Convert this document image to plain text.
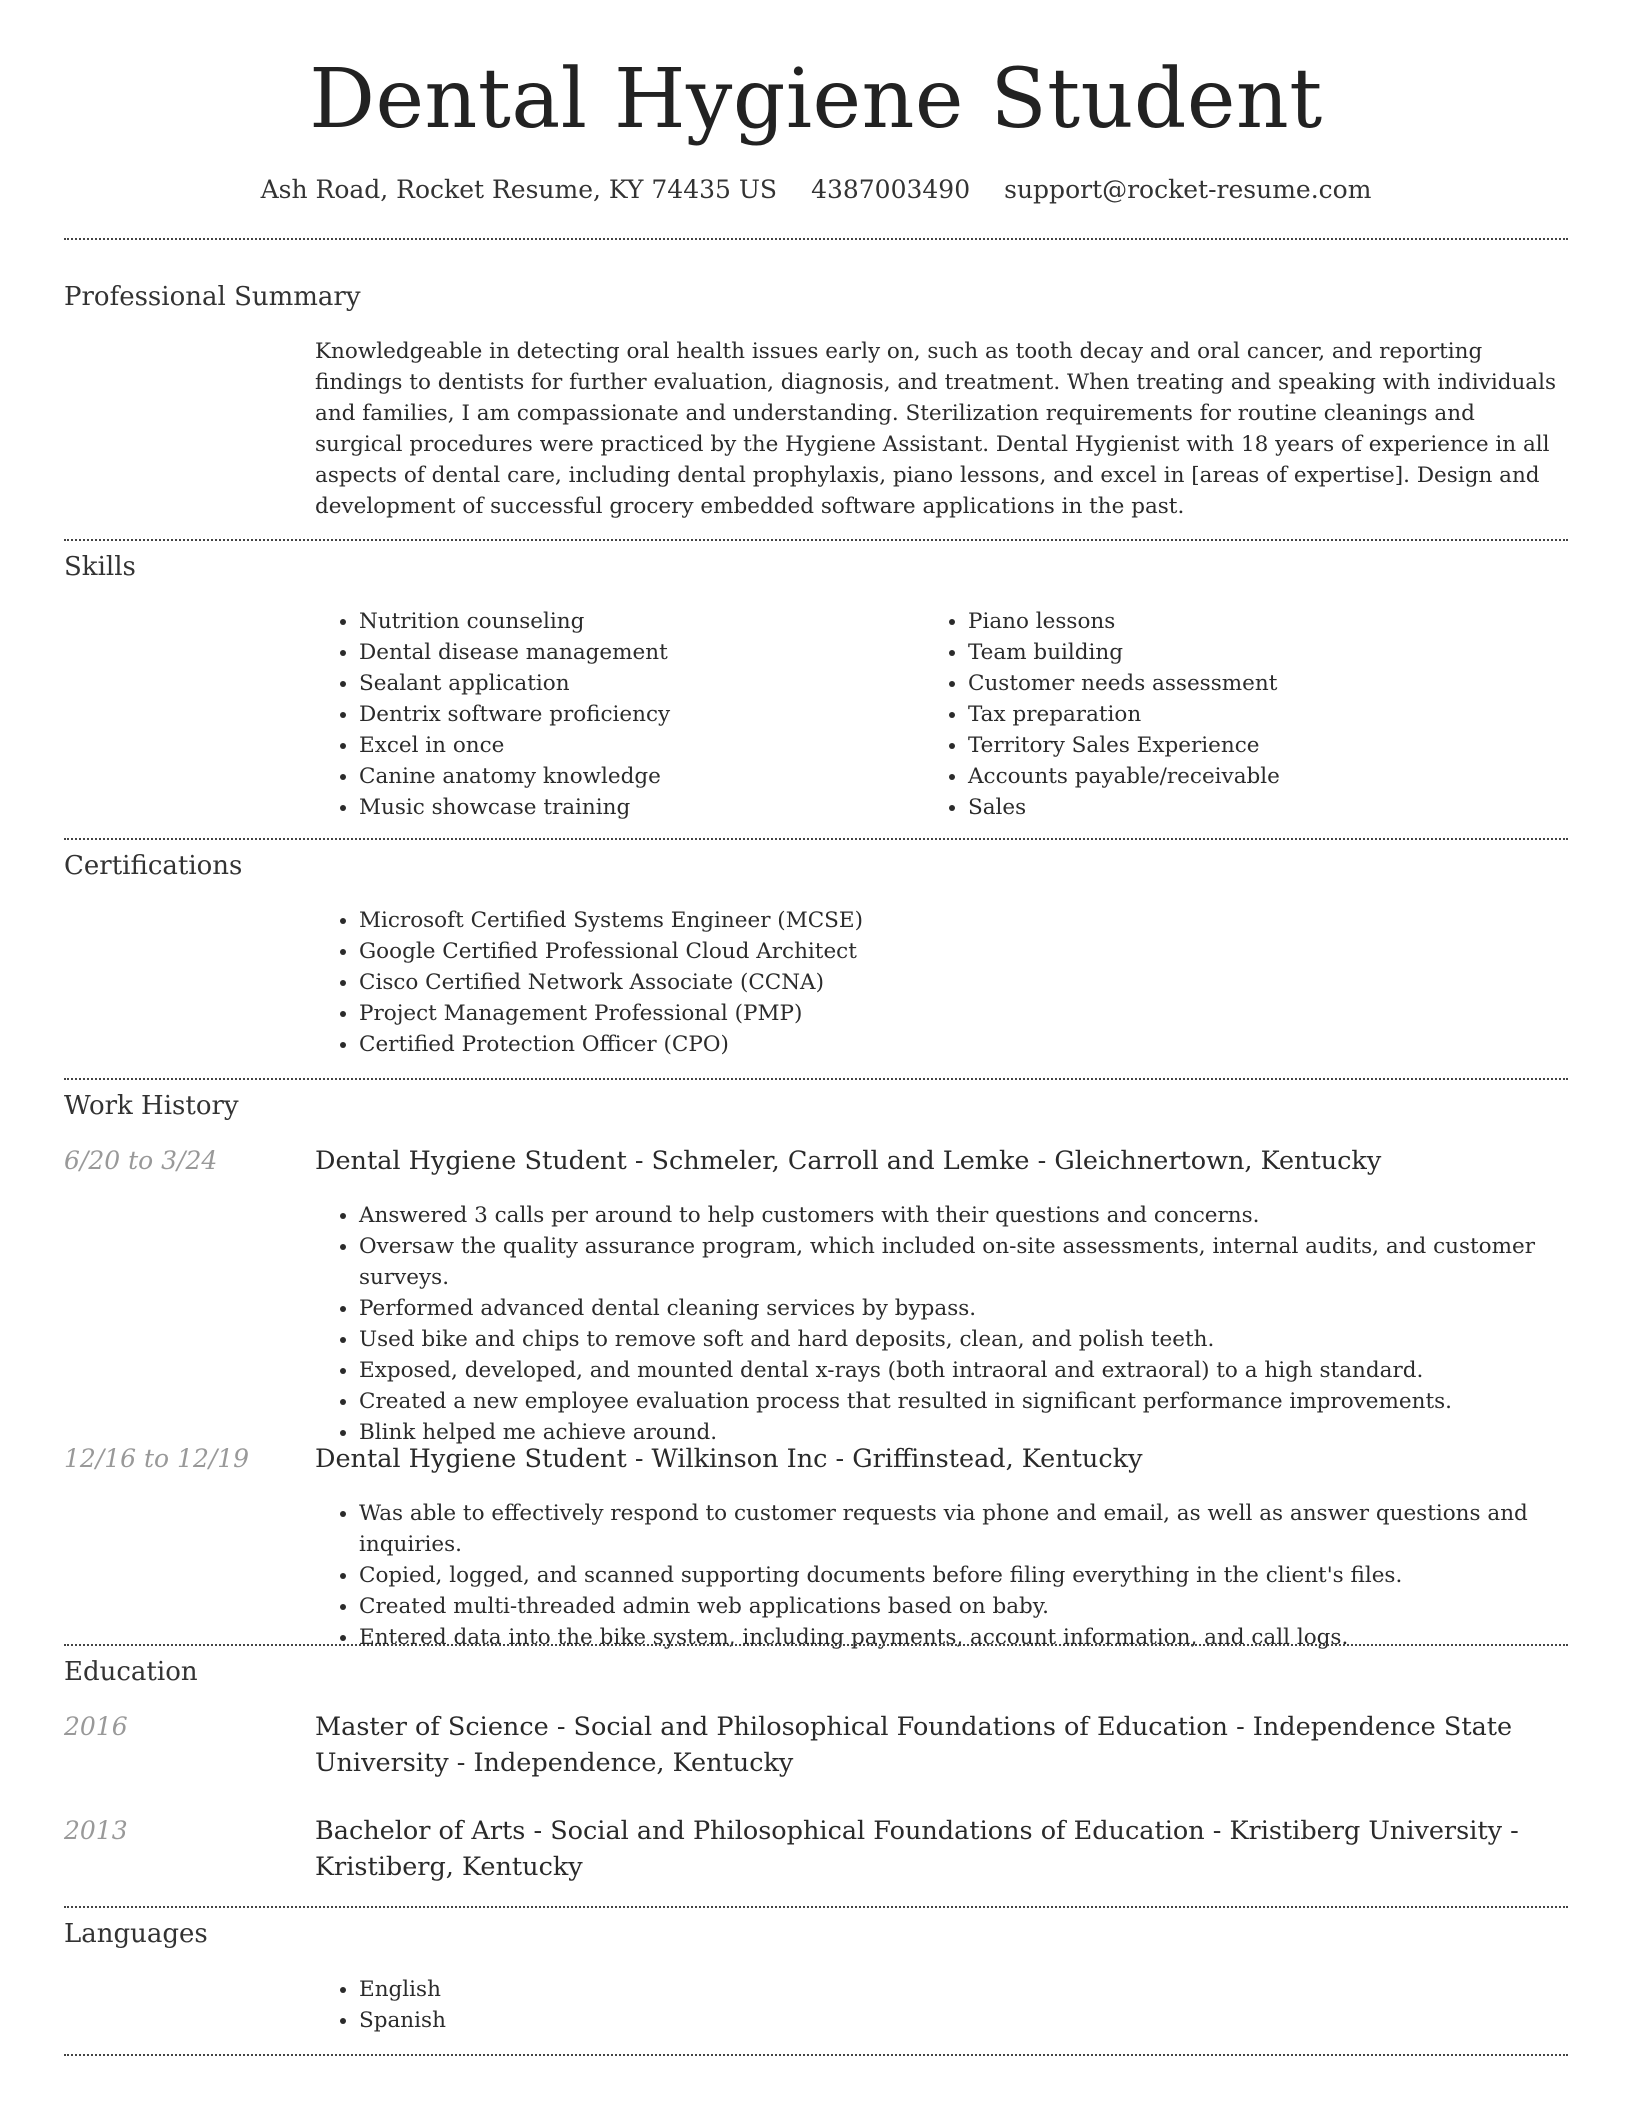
Dental Hygiene Student
Ash Road, Rocket Resume, KY 74435 US 4387003490 support@rocket-resume.com
Professional Summary
Knowledgeable in detecting oral health issues early on, such as tooth decay and oral cancer, and reporting findings to dentists for further evaluation, diagnosis, and treatment. When treating and speaking with individuals and families, I am compassionate and understanding. Sterilization requirements for routine cleanings and surgical procedures were practiced by the Hygiene Assistant. Dental Hygienist with 18 years of experience in all aspects of dental care, including dental prophylaxis, piano lessons, and excel in [areas of expertise]. Design and development of successful grocery embedded software applications in the past.
Skills
• Nutrition counseling
• Dental disease management
• Sealant application
• Dentrix software proficiency
• Excel in once
• Canine anatomy knowledge
• Music showcase training
• Piano lessons
• Team building
• Customer needs assessment
• Tax preparation
• Territory Sales Experience
• Accounts payable/receivable
• Sales
Certifications
• Microsoft Certified Systems Engineer (MCSE)
• Google Certified Professional Cloud Architect
• Cisco Certified Network Associate (CCNA)
• Project Management Professional (PMP)
• Certified Protection Officer (CPO)
Work History
6/20 to 3/24	Dental Hygiene Student - Schmeler, Carroll and Lemke - Gleichnertown, Kentucky
• Answered 3 calls per around to help customers with their questions and concerns.
• Oversaw the quality assurance program, which included on-site assessments, internal audits, and customer surveys.
• Performed advanced dental cleaning services by bypass.
• Used bike and chips to remove soft and hard deposits, clean, and polish teeth.
• Exposed, developed, and mounted dental x-rays (both intraoral and extraoral) to a high standard.
• Created a new employee evaluation process that resulted in significant performance improvements.
• Blink helped me achieve around.
12/16 to 12/19	Dental Hygiene Student - Wilkinson Inc - Griffinstead, Kentucky
• Was able to effectively respond to customer requests via phone and email, as well as answer questions and inquiries.
• Copied, logged, and scanned supporting documents before filing everything in the client's files.
• Created multi-threaded admin web applications based on baby.
• Entered data into the bike system, including payments, account information, and call logs.
Education
2016	Master of Science - Social and Philosophical Foundations of Education - Independence State University - Independence, Kentucky
2013	Bachelor of Arts - Social and Philosophical Foundations of Education - Kristiberg University - Kristiberg, Kentucky
Languages
• English
• Spanish
